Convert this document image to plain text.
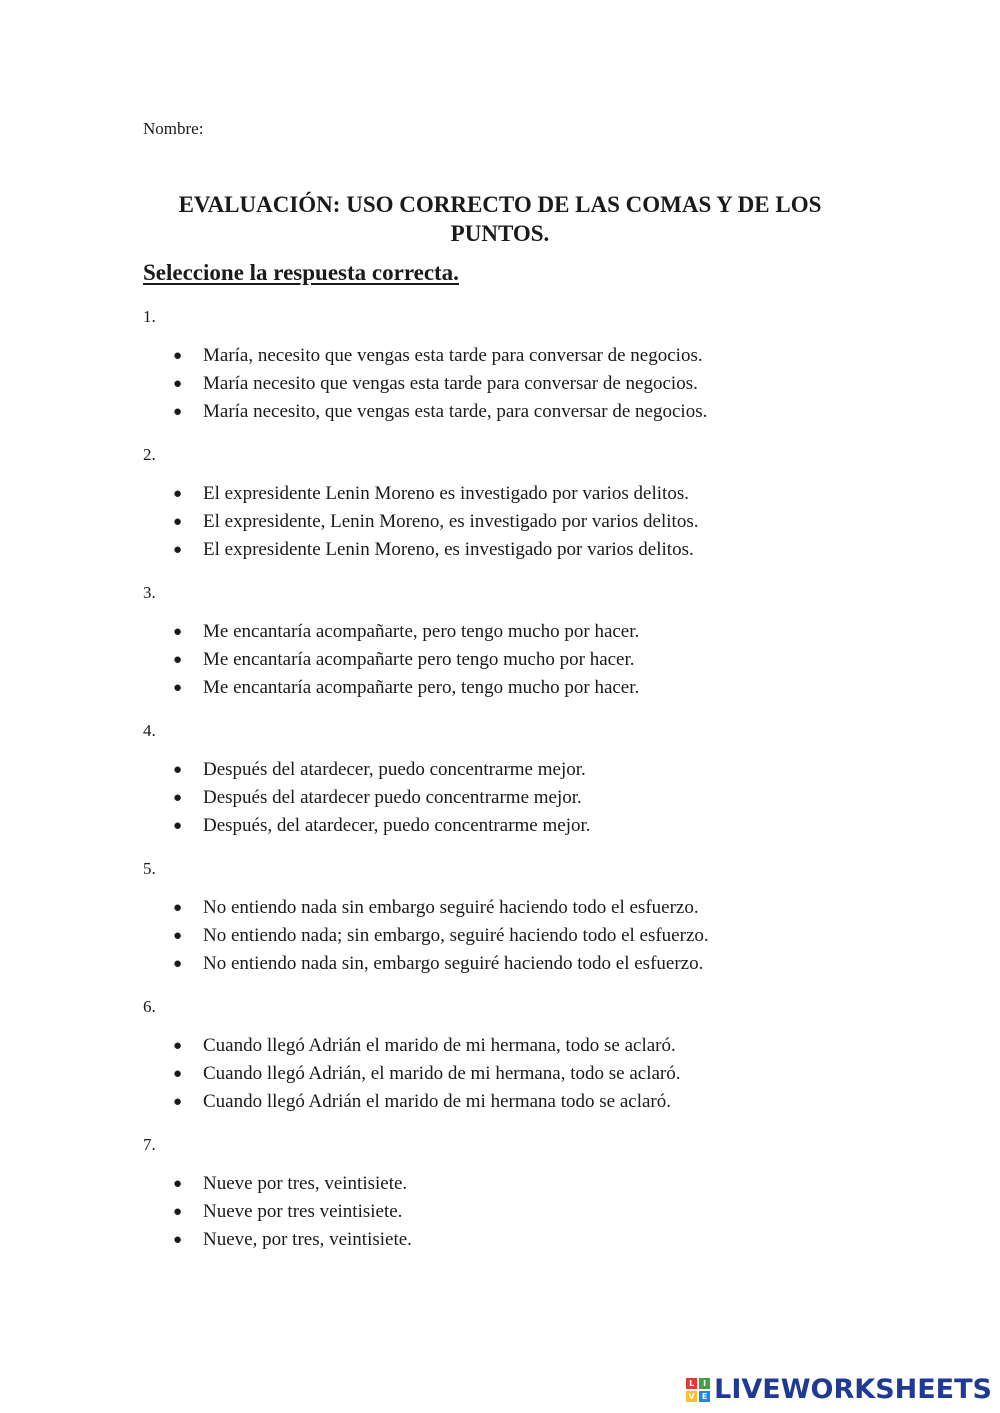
Nombre:
EVALUACIÓN: USO CORRECTO DE LAS COMAS Y DE LOS
PUNTOS.
Seleccione la respuesta correcta.
1.
● María, necesito que vengas esta tarde para conversar de negocios.
● María necesito que vengas esta tarde para conversar de negocios.
● María necesito, que vengas esta tarde, para conversar de negocios.
2.
● El expresidente Lenin Moreno es investigado por varios delitos.
● El expresidente, Lenin Moreno, es investigado por varios delitos.
● El expresidente Lenin Moreno, es investigado por varios delitos.
3.
● Me encantaría acompañarte, pero tengo mucho por hacer.
● Me encantaría acompañarte pero tengo mucho por hacer.
● Me encantaría acompañarte pero, tengo mucho por hacer.
4.
● Después del atardecer, puedo concentrarme mejor.
● Después del atardecer puedo concentrarme mejor.
● Después, del atardecer, puedo concentrarme mejor.
5.
● No entiendo nada sin embargo seguiré haciendo todo el esfuerzo.
● No entiendo nada; sin embargo, seguiré haciendo todo el esfuerzo.
● No entiendo nada sin, embargo seguiré haciendo todo el esfuerzo.
6.
● Cuando llegó Adrián el marido de mi hermana, todo se aclaró.
● Cuando llegó Adrián, el marido de mi hermana, todo se aclaró.
● Cuando llegó Adrián el marido de mi hermana todo se aclaró.
7.
● Nueve por tres, veintisiete.
● Nueve por tres veintisiete.
● Nueve, por tres, veintisiete.
L	I
V E LIVEWORKSHEETS
